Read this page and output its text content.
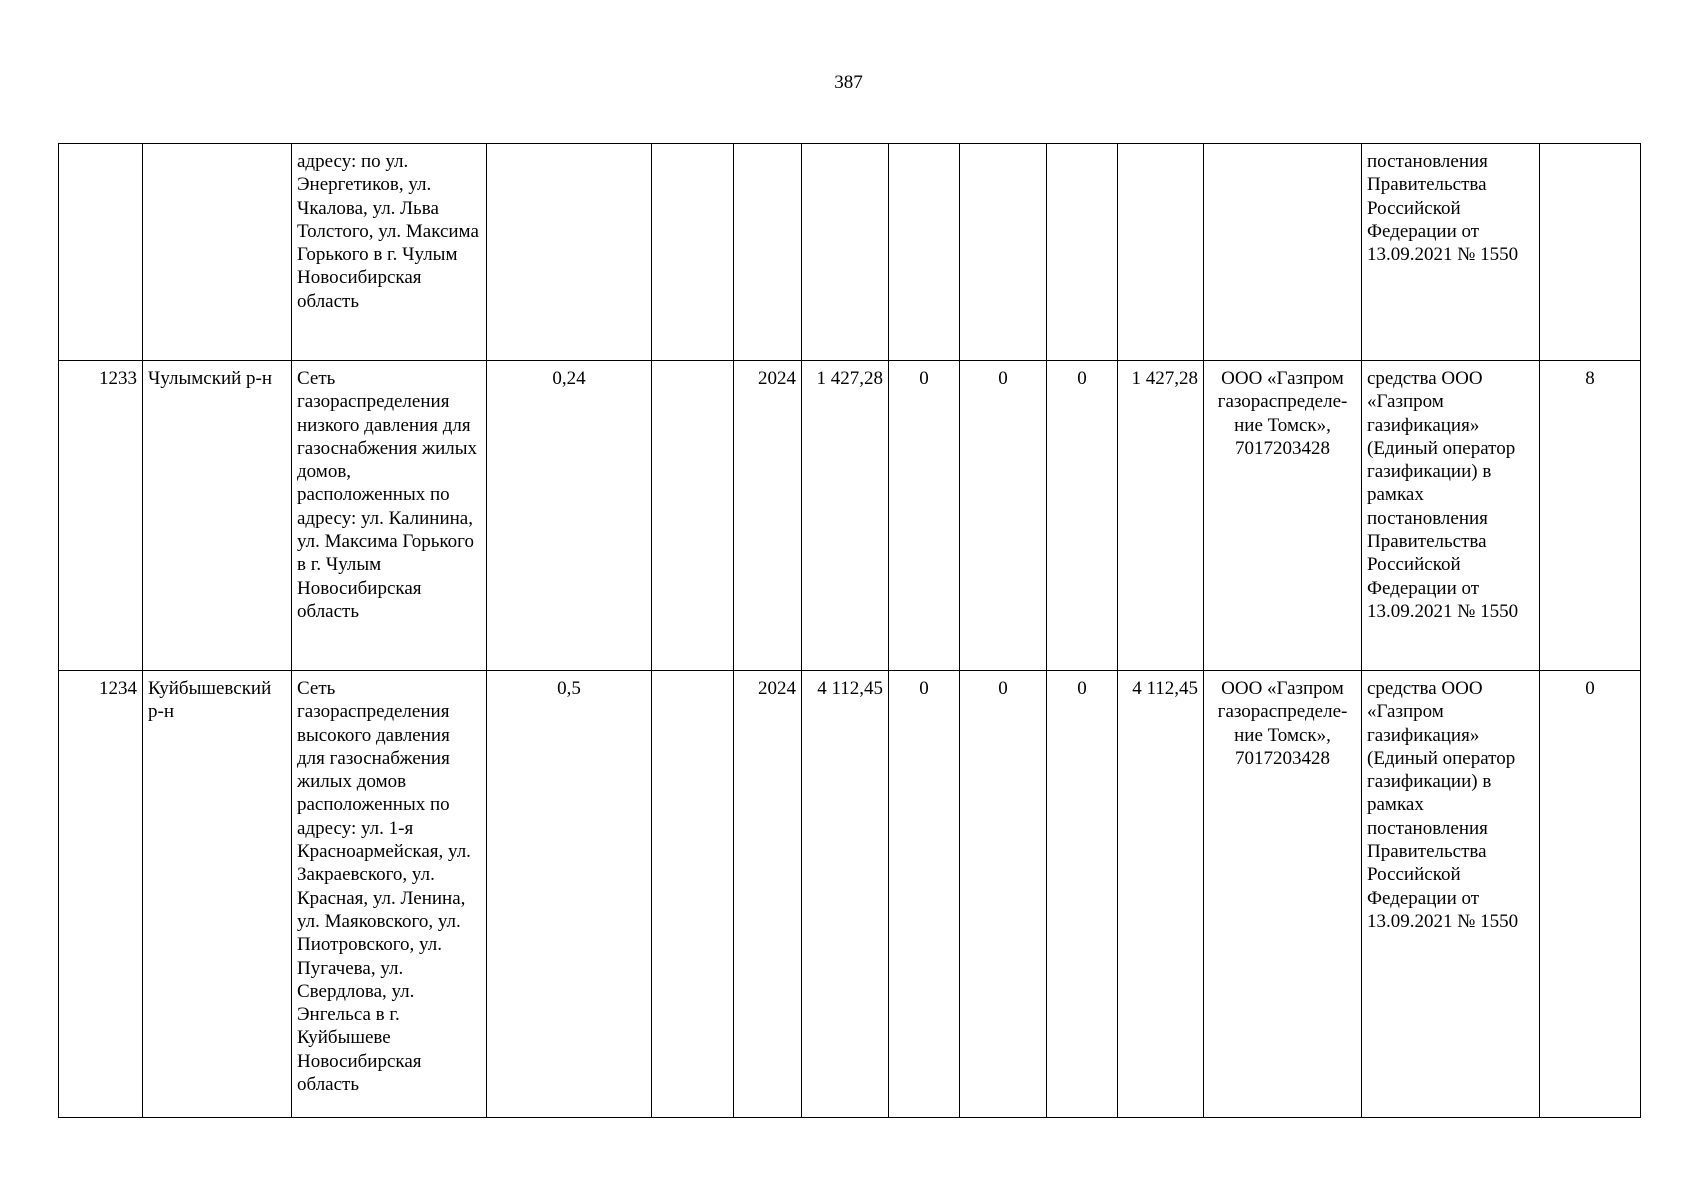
387
		адресу: по ул. Энергетиков, ул. Чкалова, ул. Льва Толстого, ул. Максима Горького в г. Чулым Новосибирская область										постановления Правительства Российской Федерации от 13.09.2021 № 1550	
1233	Чулымский р-н	Сеть газораспределения низкого давления для газоснабжения жилых домов, расположенных по адресу: ул. Калинина, ул. Максима Горького в г. Чулым Новосибирская область	0,24		2024	1 427,28	0	0	0	1 427,28	ООО «Газпром газораспределе-ние Томск», 7017203428	средства ООО «Газпром газификация» (Единый оператор газификации) в рамках постановления Правительства Российской Федерации от 13.09.2021 № 1550	8
1234	Куйбышевский р-н	Сеть газораспределения высокого давления для газоснабжения жилых домов расположенных по адресу: ул. 1-я Красноармейская, ул. Закраевского, ул. Красная, ул. Ленина, ул. Маяковского, ул. Пиотровского, ул. Пугачева, ул. Свердлова, ул. Энгельса в г. Куйбышеве Новосибирская область	0,5		2024	4 112,45	0	0	0	4 112,45	ООО «Газпром газораспределе-ние Томск», 7017203428	средства ООО «Газпром газификация» (Единый оператор газификации) в рамках постановления Правительства Российской Федерации от 13.09.2021 № 1550	0
